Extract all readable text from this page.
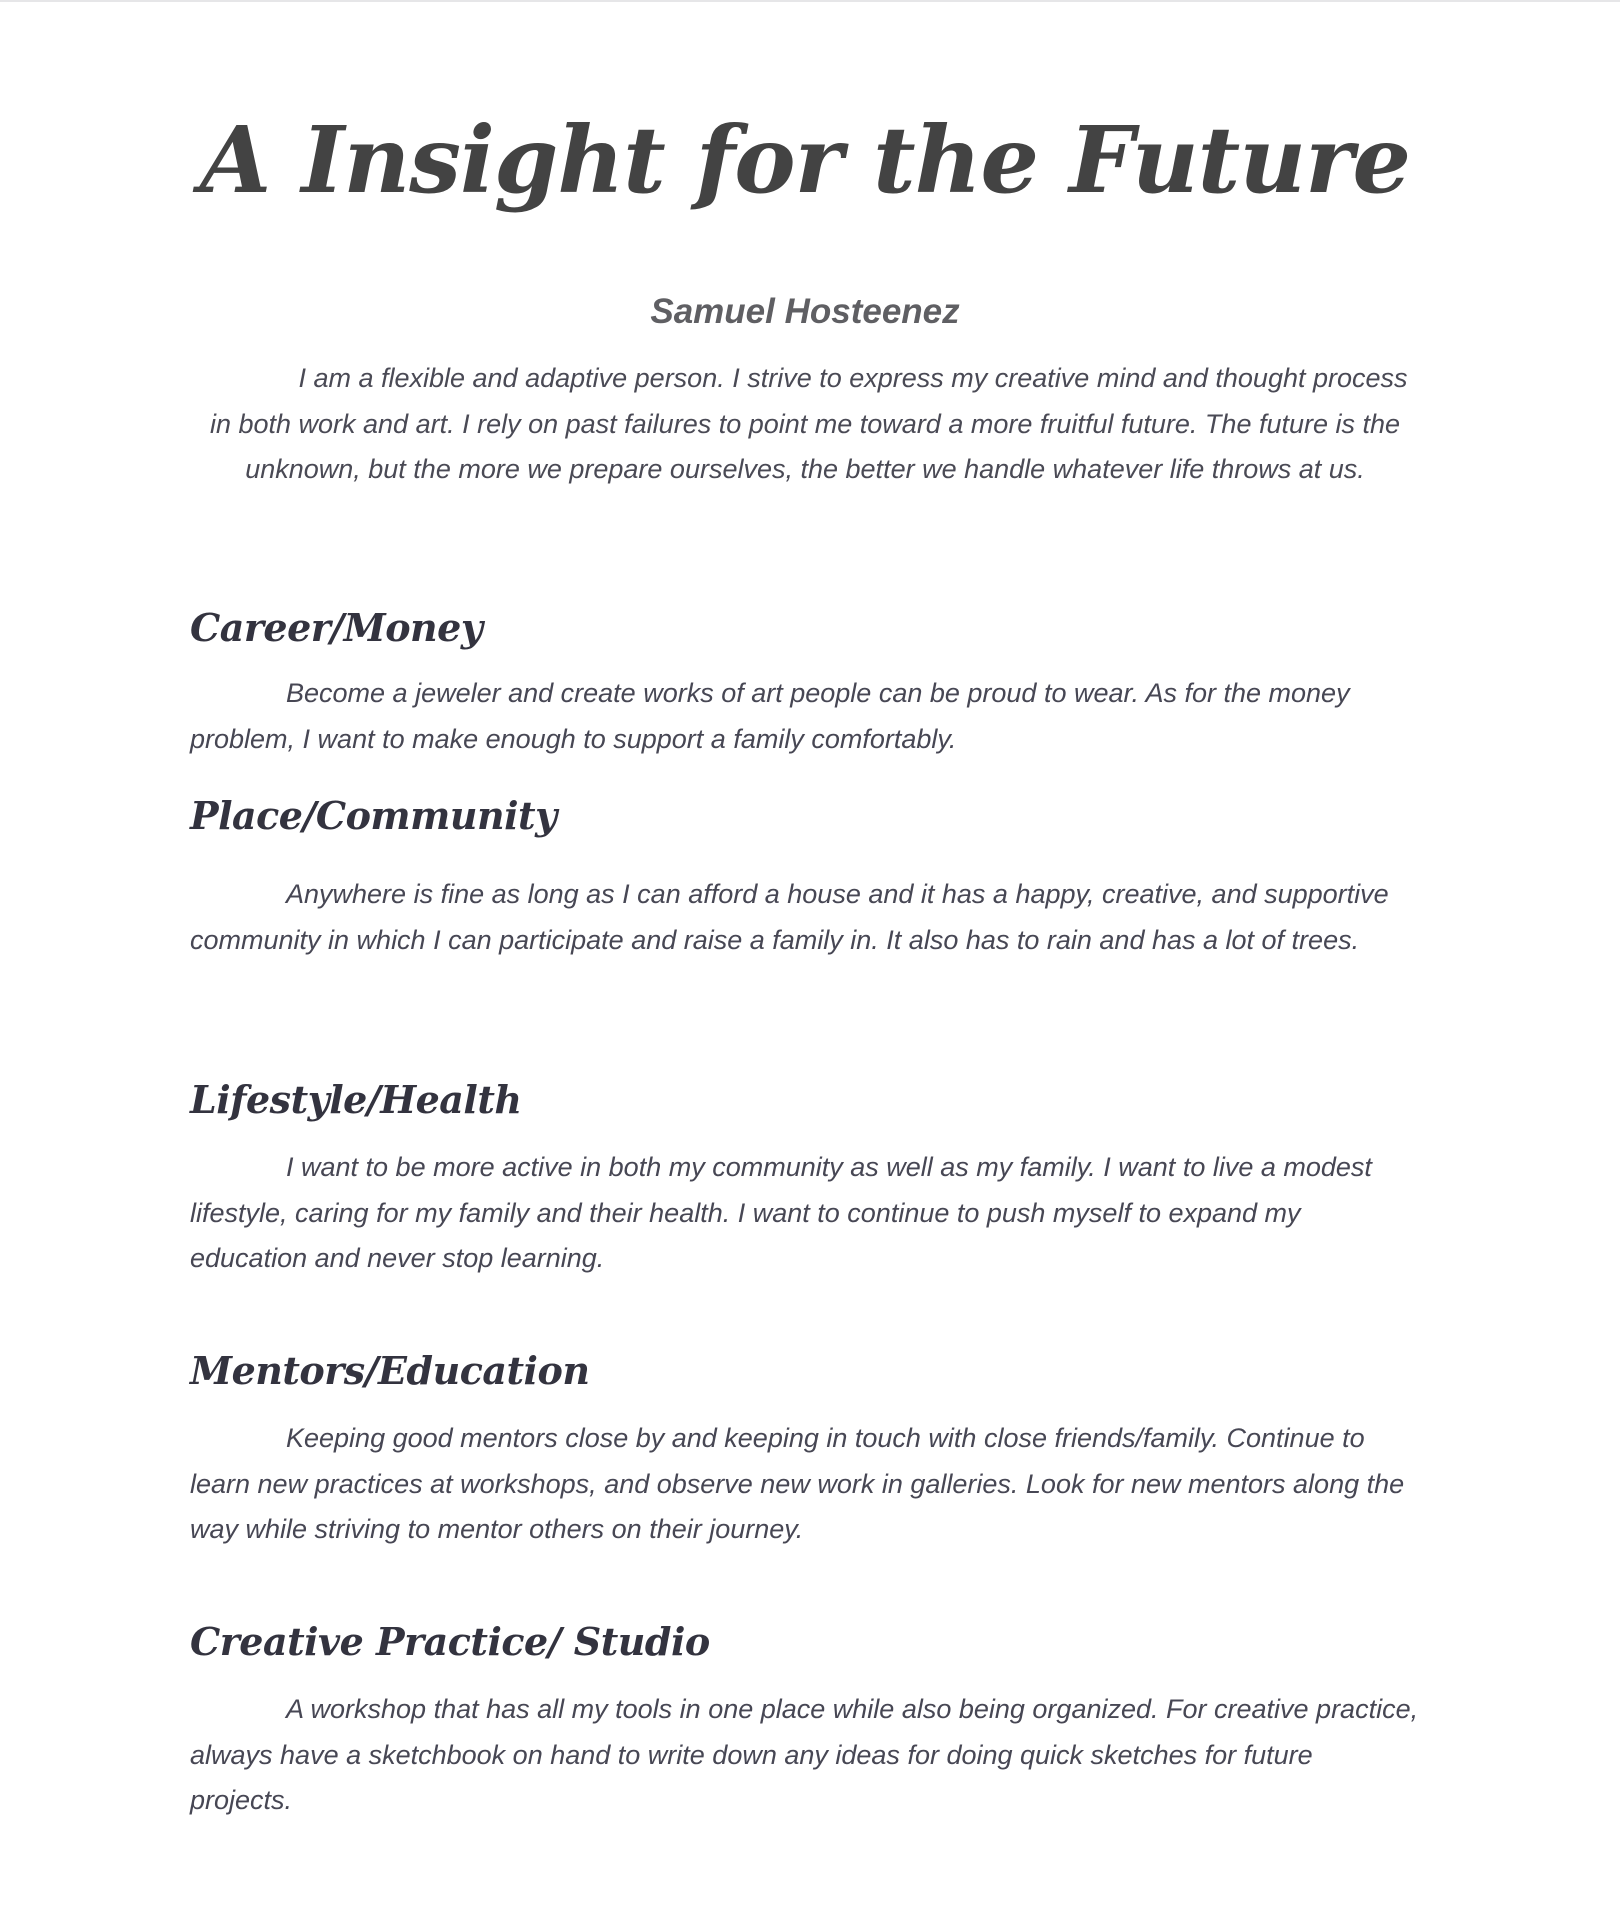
A Insight for the Future
Samuel Hosteenez

I am a flexible and adaptive person. I strive to express my creative mind and thought process in both work and art. I rely on past failures to point me toward a more fruitful future. The future is the unknown, but the more we prepare ourselves, the better we handle whatever life throws at us.

Career/Money

Become a jeweler and create works of art people can be proud to wear. As for the money problem, I want to make enough to support a family comfortably.

Place/Community

Anywhere is fine as long as I can afford a house and it has a happy, creative, and supportive community in which I can participate and raise a family in. It also has to rain and has a lot of trees.

Lifestyle/Health

I want to be more active in both my community as well as my family. I want to live a modest lifestyle, caring for my family and their health. I want to continue to push myself to expand my education and never stop learning.

Mentors/Education

Keeping good mentors close by and keeping in touch with close friends/family. Continue to learn new practices at workshops, and observe new work in galleries. Look for new mentors along the way while striving to mentor others on their journey.

Creative Practice/ Studio

A workshop that has all my tools in one place while also being organized. For creative practice, always have a sketchbook on hand to write down any ideas for doing quick sketches for future projects.
